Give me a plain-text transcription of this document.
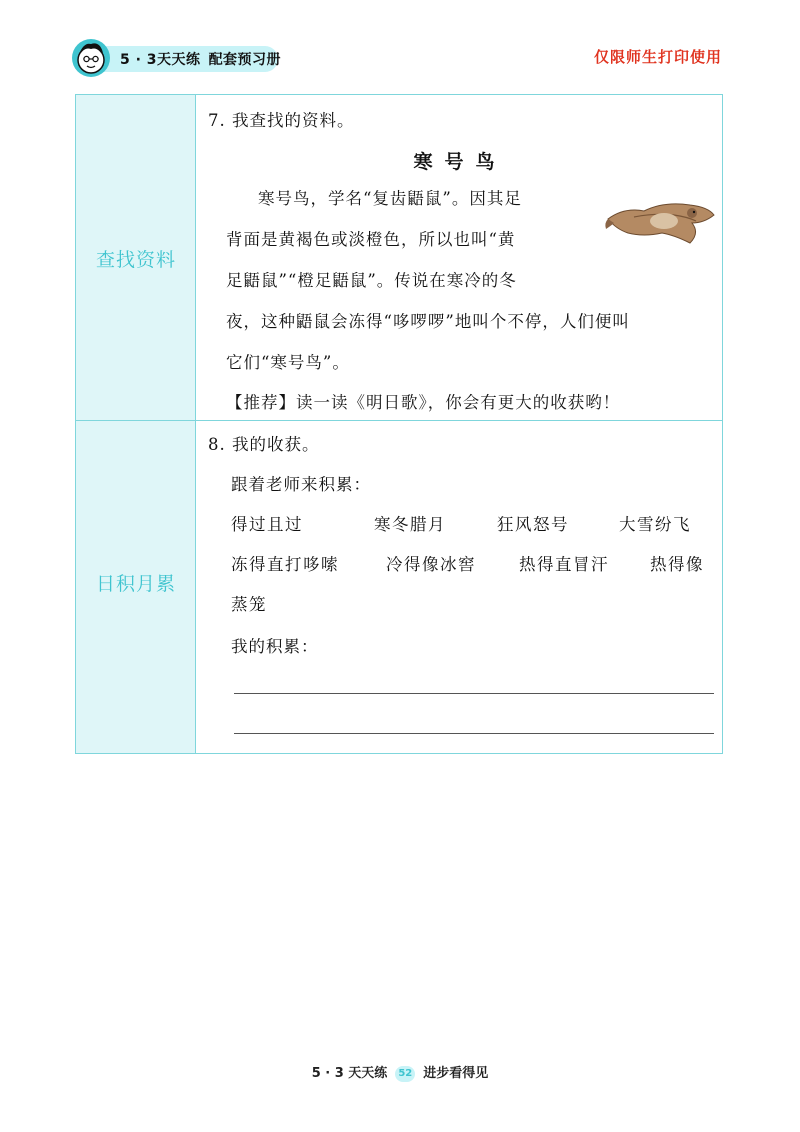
5 · 3天天练 配套预习册	仅限师生打印使用
查找资料
7. 我查找的资料。
寒号鸟
寒号鸟，学名“复齿鼯鼠”。因其足
背面是黄褐色或淡橙色，所以也叫“黄
足鼯鼠”“橙足鼯鼠”。传说在寒冷的冬
夜，这种鼯鼠会冻得“哆啰啰”地叫个不停，人们便叫
它们“寒号鸟”。
【推荐】读一读《明日歌》，你会有更大的收获哟！
日积月累
8. 我的收获。
跟着老师来积累：
得过且过	寒冬腊月	狂风怒号	大雪纷飞
冻得直打哆嗦	冷得像冰窖	热得直冒汗 热得像
蒸笼
我的积累：
5 · 3 天天练 52 进步看得见
